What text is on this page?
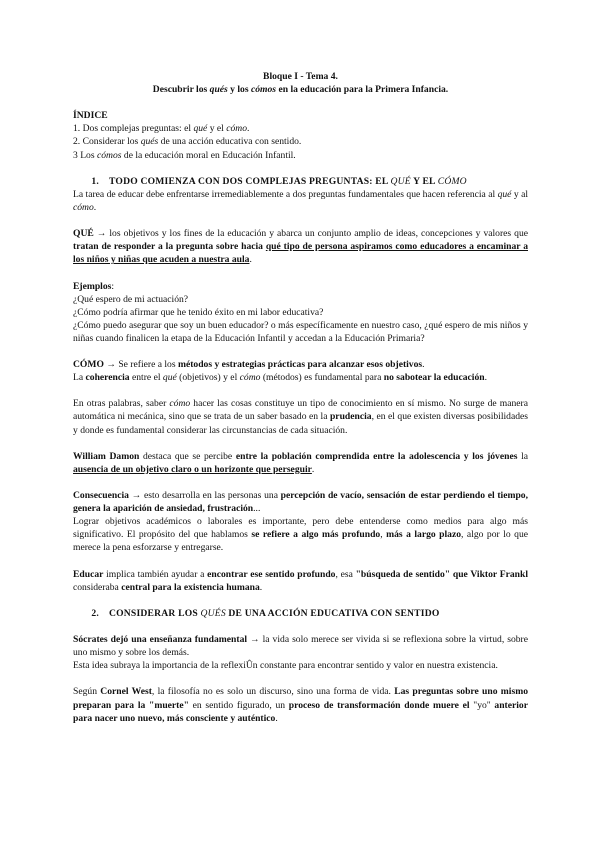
Bloque I - Tema 4.

Descubrir los qués y los cómos en la educación para la Primera Infancia.

ÍNDICE

1. Dos complejas preguntas: el qué y el cómo.

2. Considerar los qués de una acción educativa con sentido.

3 Los cómos de la educación moral en Educación Infantil.

1. TODO COMIENZA CON DOS COMPLEJAS PREGUNTAS: EL QUÉ Y EL CÓMO

La tarea de educar debe enfrentarse irremediablemente a dos preguntas fundamentales que hacen referencia al qué y al cómo.

QUÉ → los objetivos y los fines de la educación y abarca un conjunto amplio de ideas, concepciones y valores que tratan de responder a la pregunta sobre hacia qué tipo de persona aspiramos como educadores a encaminar a los niños y niñas que acuden a nuestra aula.

Ejemplos:

¿Qué espero de mi actuación?

¿Cómo podría afirmar que he tenido éxito en mi labor educativa?

¿Cómo puedo asegurar que soy un buen educador? o más específicamente en nuestro caso, ¿qué espero de mis niños y niñas cuando finalicen la etapa de la Educación Infantil y accedan a la Educación Primaria?

CÓMO → Se refiere a los métodos y estrategias prácticas para alcanzar esos objetivos.

La coherencia entre el qué (objetivos) y el cómo (métodos) es fundamental para no sabotear la educación.

En otras palabras, saber cómo hacer las cosas constituye un tipo de conocimiento en sí mismo. No surge de manera automática ni mecánica, sino que se trata de un saber basado en la prudencia, en el que existen diversas posibilidades y donde es fundamental considerar las circunstancias de cada situación.

William Damon destaca que se percibe entre la población comprendida entre la adolescencia y los jóvenes la ausencia de un objetivo claro o un horizonte que perseguir.

Consecuencia → esto desarrolla en las personas una percepción de vacío, sensación de estar perdiendo el tiempo, genera la aparición de ansiedad, frustración...

Lograr objetivos académicos o laborales es importante, pero debe entenderse como medios para algo más significativo. El propósito del que hablamos se refiere a algo más profundo, más a largo plazo, algo por lo que merece la pena esforzarse y entregarse.

Educar implica también ayudar a encontrar ese sentido profundo, esa "búsqueda de sentido" que Viktor Frankl consideraba central para la existencia humana.

2. CONSIDERAR LOS QUÉS DE UNA ACCIÓN EDUCATIVA CON SENTIDO

Sócrates dejó una enseñanza fundamental → la vida solo merece ser vivida si se reflexiona sobre la virtud, sobre uno mismo y sobre los demás.

Esta idea subraya la importancia de la reflexiÛn constante para encontrar sentido y valor en nuestra existencia.

Según Cornel West, la filosofía no es solo un discurso, sino una forma de vida. Las preguntas sobre uno mismo preparan para la "muerte" en sentido figurado, un proceso de transformación donde muere el "yo" anterior para nacer uno nuevo, más consciente y auténtico.
